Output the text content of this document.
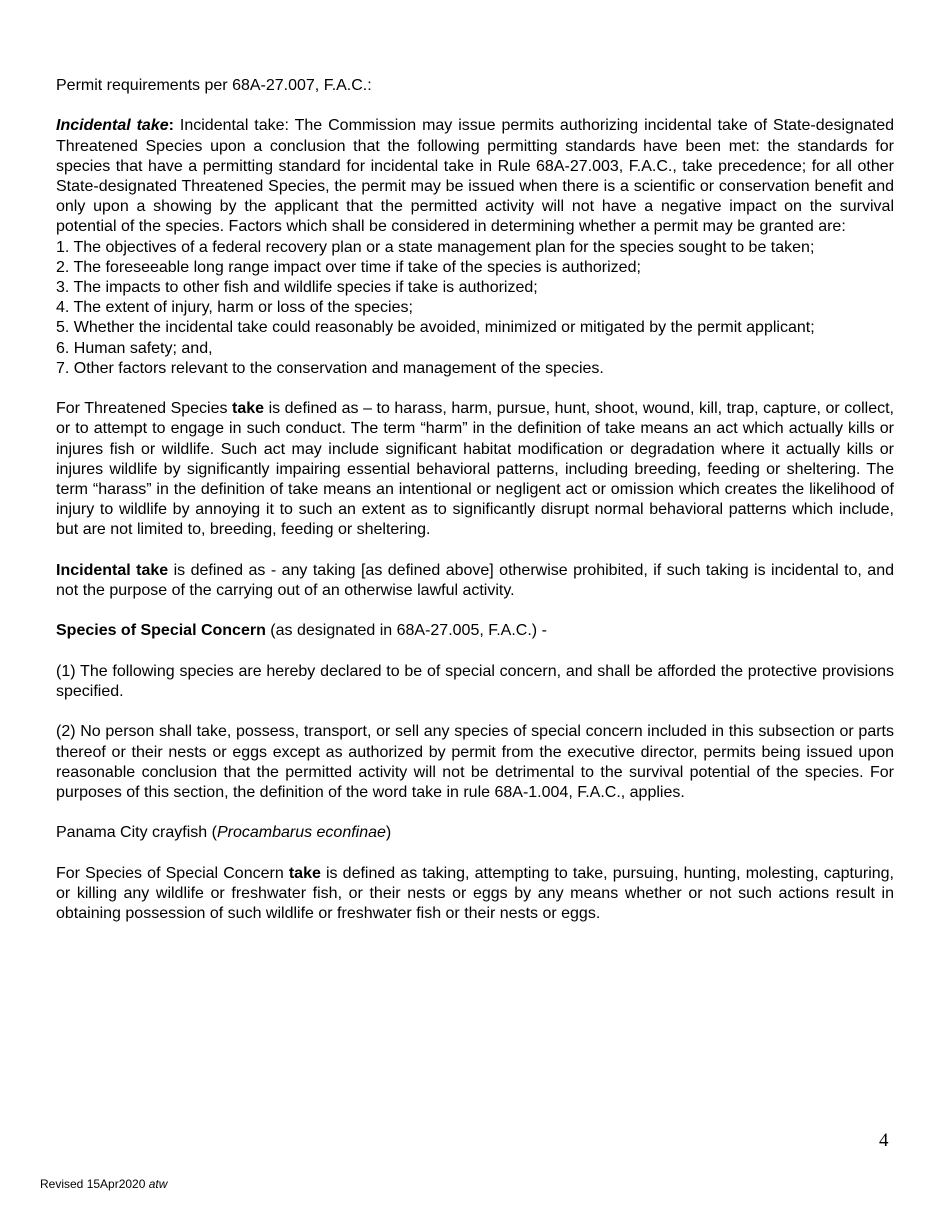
Permit requirements per 68A-27.007, F.A.C.:

Incidental take: Incidental take: The Commission may issue permits authorizing incidental take of State-designated Threatened Species upon a conclusion that the following permitting standards have been met: the standards for species that have a permitting standard for incidental take in Rule 68A-27.003, F.A.C., take precedence; for all other State-designated Threatened Species, the permit may be issued when there is a scientific or conservation benefit and only upon a showing by the applicant that the permitted activity will not have a negative impact on the survival potential of the species. Factors which shall be considered in determining whether a permit may be granted are:

1. The objectives of a federal recovery plan or a state management plan for the species sought to be taken;
2. The foreseeable long range impact over time if take of the species is authorized;
3. The impacts to other fish and wildlife species if take is authorized;
4. The extent of injury, harm or loss of the species;
5. Whether the incidental take could reasonably be avoided, minimized or mitigated by the permit applicant;
6. Human safety; and,
7. Other factors relevant to the conservation and management of the species.

For Threatened Species take is defined as – to harass, harm, pursue, hunt, shoot, wound, kill, trap, capture, or collect, or to attempt to engage in such conduct. The term “harm” in the definition of take means an act which actually kills or injures fish or wildlife. Such act may include significant habitat modification or degradation where it actually kills or injures wildlife by significantly impairing essential behavioral patterns, including breeding, feeding or sheltering. The term “harass” in the definition of take means an intentional or negligent act or omission which creates the likelihood of injury to wildlife by annoying it to such an extent as to significantly disrupt normal behavioral patterns which include, but are not limited to, breeding, feeding or sheltering.

Incidental take is defined as - any taking [as defined above] otherwise prohibited, if such taking is incidental to, and not the purpose of the carrying out of an otherwise lawful activity.

Species of Special Concern (as designated in 68A-27.005, F.A.C.) -

(1) The following species are hereby declared to be of special concern, and shall be afforded the protective provisions specified.

(2) No person shall take, possess, transport, or sell any species of special concern included in this subsection or parts thereof or their nests or eggs except as authorized by permit from the executive director, permits being issued upon reasonable conclusion that the permitted activity will not be detrimental to the survival potential of the species. For purposes of this section, the definition of the word take in rule 68A-1.004, F.A.C., applies.

Panama City crayfish (Procambarus econfinae)

For Species of Special Concern take is defined as taking, attempting to take, pursuing, hunting, molesting, capturing, or killing any wildlife or freshwater fish, or their nests or eggs by any means whether or not such actions result in obtaining possession of such wildlife or freshwater fish or their nests or eggs.

4
Revised 15Apr2020 atw
